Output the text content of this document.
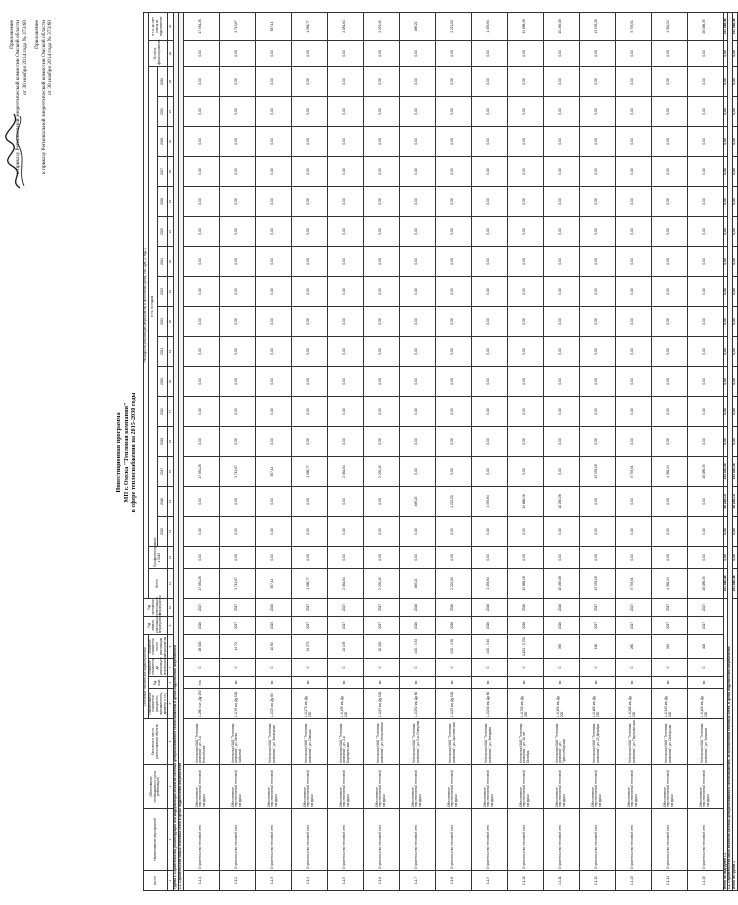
Приложение к приказу Региональной энергетической комиссии Омской области от 30 ноября 2014 года № 373/60 Приложение к приказу Региональной энергетической комиссии Омской области от 30 ноября 2014 года № 373/60
Инвестиционная программа МП г. Омска "Тепловая компания" в сфере теплоснабжения на 2015-2030 годы
№ п/п	Наименование мероприятий	Обоснование необходимости (цель реализации)	Описание и место расположения объекта	Основные технические характеристики				Год начала реализации мероприятия	Год окончания реализации мероприятия	Расходы на реализацию мероприятий в прогнозных ценах, тыс. руб. (с НДС)																			
				Наименование показателя (мощность, протяженность, диаметр и т.п.)	Ед. изм.	Значение показателя до реализации мероприятия	Значение показателя после реализации мероприятия			Всего	Профинансировано к 2015	в т.ч. по годам																Остаток финансирования	в т.ч. за счет платы за подключение
												2015	2016	2017	2018	2019	2020	2021	2022	2023	2024	2025	2026	2027	2028	2029	2030		
1	2	3	4	5	6	7	8	9	10	11	12	13	14	15	16	17	18	19	20	21	22	23	24	25	26	27	28	29	30
Группа 1. Строительство, реконструкция или модернизация объектов системы централизованного теплоснабжения в целях подключения потребителей																													
1.1. Строительство новых тепловых сетей в целях подключения потребителей																													
1.1.1	Строительство тепловой сети	Обеспечение перспективной тепловой нагрузки	Котельная ОАО "Тепловая компания", ул. 3-я Енисейская	L-280 п.м.; Ду 150	п.м.	0	28 000	2016	2017	17 981,26	0,00	0,00	0,00	17 981,26	0,00	0,00	0,00	0,00	0,00	0,00	0,00	0,00	0,00	0,00	0,00	0,00	0,00	0,00	17 981,26
1.1.2	Строительство тепловой сети	Обеспечение перспективной тепловой нагрузки	Котельная ОАО "Тепловая компания", ул. Лизы Чайкиной	L-0,76 км; Ду 100	км	0	14 70	2017	2017	3 713,67	0,00	0,00	0,00	3 713,67	0,00	0,00	0,00	0,00	0,00	0,00	0,00	0,00	0,00	0,00	0,00	0,00	0,00	0,00	3 713,67
1.1.3	Строительство тепловой сети	Обеспечение перспективной тепловой нагрузки	Котельная ОАО "Тепловая компания", ул. Заозерная	L-0,05 км; Ду 80	км	0	10 80	2015	2015	657,14	0,00	0,00	0,00	657,14	0,00	0,00	0,00	0,00	0,00	0,00	0,00	0,00	0,00	0,00	0,00	0,00	0,00	0,00	657,14
1.1.4	Строительство тепловой сети	Обеспечение перспективной тепловой нагрузки	Котельная ОАО "Тепловая компания", ул. Омская	L-0,275 км; Ду 150	км	0	34 275	2017	2017	1 986,77	0,00	0,00	0,00	1 986,77	0,00	0,00	0,00	0,00	0,00	0,00	0,00	0,00	0,00	0,00	0,00	0,00	0,00	0,00	1 986,77
1.1.5	Строительство тепловой сети	Обеспечение перспективной тепловой нагрузки	Котельная ОАО "Тепловая компания", ул. 2-я Барнаульская	L-0,135 км; Ду 100	км	0	24 135	2017	2017	2 081,64	0,00	0,00	0,00	2 081,64	0,00	0,00	0,00	0,00	0,00	0,00	0,00	0,00	0,00	0,00	0,00	0,00	0,00	0,00	2 081,64
1.1.6	Строительство тепловой сети	Обеспечение перспективной тепловой нагрузки	Котельная ОАО "Тепловая компания", ул. Мельничная	L-0,09 км; Ду 100	км	0	20 090	2017	2017	2 295,45	0,00	0,00	0,00	2 295,45	0,00	0,00	0,00	0,00	0,00	0,00	0,00	0,00	0,00	0,00	0,00	0,00	0,00	0,00	2 295,45
1.1.7	Строительство тепловой сети	Обеспечение перспективной тепловой нагрузки	Котельная ОАО "Тепловая компания", ул. 5-я Северная	L-0,052 км; Ду 80	км	0	4 00 - 4 52	2016	2016	488,22	0,00	0,00	488,22	0,00	0,00	0,00	0,00	0,00	0,00	0,00	0,00	0,00	0,00	0,00	0,00	0,00	0,00	0,00	488,22
1.1.8	Строительство тепловой сети	Обеспечение перспективной тепловой нагрузки	Котельная ОАО "Тепловая компания", ул. Арктическая	L-0,05 км; Ду 100	км	0	4 00 - 4 50	2016	2016	2 222,00	0,00	0,00	2 222,00	0,00	0,00	0,00	0,00	0,00	0,00	0,00	0,00	0,00	0,00	0,00	0,00	0,00	0,00	0,00	2 222,00
1.1.9	Строительство тепловой сети	Обеспечение перспективной тепловой нагрузки	Котельная ОАО "Тепловая компания", ул. Звездова	L-0,040 км; Ду 80	км	0	4 00 - 4 40	2016	2016	1 453,84	0,00	0,00	1 453,84	0,00	0,00	0,00	0,00	0,00	0,00	0,00	0,00	0,00	0,00	0,00	0,00	0,00	0,00	0,00	1 453,84
1.1.10	Строительство тепловой сети	Обеспечение перспективной тепловой нагрузки	Котельная ОАО "Тепловая компания", ул. 10 лет Октября	L-0,700 км; Ду 250	км	0	0,100 - 0,700	2016	2016	19 888,98	0,00	0,00	19 888,98	0,00	0,00	0,00	0,00	0,00	0,00	0,00	0,00	0,00	0,00	0,00	0,00	0,00	0,00	0,00	19 888,98
1.1.11	Строительство тепловой сети	Обеспечение перспективной тепловой нагрузки	Котельная ОАО "Тепловая компания", ул. Транссибирская	L-0,350 км; Ду 200	км	0	350	2016	2016	10 269,08	0,00	0,00	10 269,08	0,00	0,00	0,00	0,00	0,00	0,00	0,00	0,00	0,00	0,00	0,00	0,00	0,00	0,00	0,00	10 269,08
1.1.12	Строительство тепловой сети	Обеспечение перспективной тепловой нагрузки	Котельная ОАО "Тепловая компания", ул. 22 Декабря	L-0,160 км; Ду 150	км	0	160	2017	2017	43 933,28	0,00	0,00	0,00	43 933,28	0,00	0,00	0,00	0,00	0,00	0,00	0,00	0,00	0,00	0,00	0,00	0,00	0,00	0,00	43 933,28
1.1.13	Строительство тепловой сети	Обеспечение перспективной тепловой нагрузки	Котельная ОАО "Тепловая компания", ул. Партизанская	L-0,280 км; Ду 150	км	0	280	2017	2017	5 793,51	0,00	0,00	0,00	5 793,51	0,00	0,00	0,00	0,00	0,00	0,00	0,00	0,00	0,00	0,00	0,00	0,00	0,00	0,00	5 793,51
1.1.14	Строительство тепловой сети	Обеспечение перспективной тепловой нагрузки	Котельная ОАО "Тепловая компания", ул. Сибирская	L-0,345 км; Ду 100	км	0	345	2017	2017	4 382,24	0,00	0,00	0,00	4 382,24	0,00	0,00	0,00	0,00	0,00	0,00	0,00	0,00	0,00	0,00	0,00	0,00	0,00	0,00	4 382,24
1.1.15	Строительство тепловой сети	Обеспечение перспективной тепловой нагрузки	Котельная ОАО "Тепловая компания", ул. Химиков	L-0,400 км; Ду 150	км	0	400	2017	2017	26 086,35	0,00	0,00	0,00	26 086,35	0,00	0,00	0,00	0,00	0,00	0,00	0,00	0,00	0,00	0,00	0,00	0,00	0,00	0,00	26 086,35
Итого по подгруппе 1.1										191 548,48	0,00	0,00	38 228,14	153 320,34	0,00	0,00	0,00	0,00	0,00	0,00	0,00	0,00	0,00	0,00	0,00	0,00	0,00	0,00	191 548,48
1.2. Строительство иных объектов системы централизованного теплоснабжения, за исключением тепловых сетей, в целях подключения потребителей																													
Итого по группе 1										191 548,48	0,00	0,00	38 228,14	153 320,34	0,00	0,00	0,00	0,00	0,00	0,00	0,00	0,00	0,00	0,00	0,00	0,00	0,00	0,00	191 548,48
